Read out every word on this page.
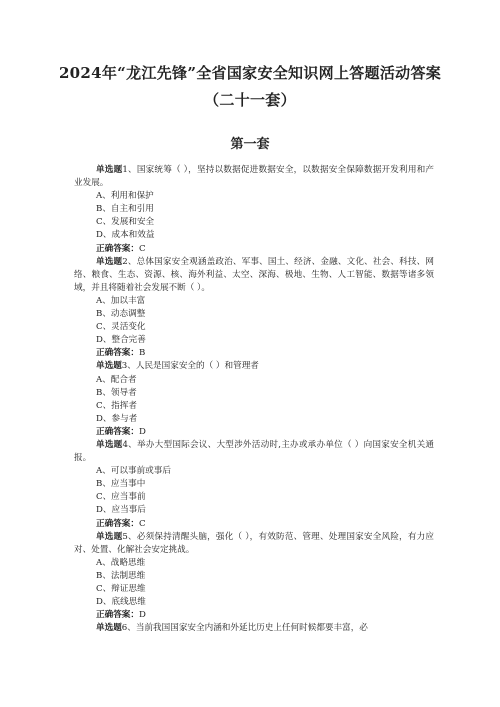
2024年“龙江先锋”全省国家安全知识网上答题活动答案
（二十一套）
第一套
单选题1、国家统筹（ ），坚持以数据促进数据安全，以数据安全保障数据开发利用和产业发展。
A、利用和保护
B、自主和引用
C、发展和安全
D、成本和效益
正确答案：C
单选题2、总体国家安全观涵盖政治、军事、国土、经济、金融、文化、社会、科技、网络、粮食、生态、资源、核、海外利益、太空、深海、极地、生物、人工智能、数据等诸多领域，并且将随着社会发展不断（ ）。
A、加以丰富
B、动态调整
C、灵活变化
D、整合完善
正确答案：B
单选题3、人民是国家安全的（ ）和管理者
A、配合者
B、领导者
C、指挥者
D、参与者
正确答案：D
单选题4、举办大型国际会议、大型涉外活动时,主办或承办单位（ ）向国家安全机关通报。
A、可以事前或事后
B、应当事中
C、应当事前
D、应当事后
正确答案：C
单选题5、必须保持清醒头脑，强化（ ），有效防范、管理、处理国家安全风险，有力应对、处置、化解社会安定挑战。
A、战略思维
B、法制思维
C、辩证思维
D、底线思维
正确答案：D
单选题6、当前我国国家安全内涵和外延比历史上任何时候都要丰富，必
